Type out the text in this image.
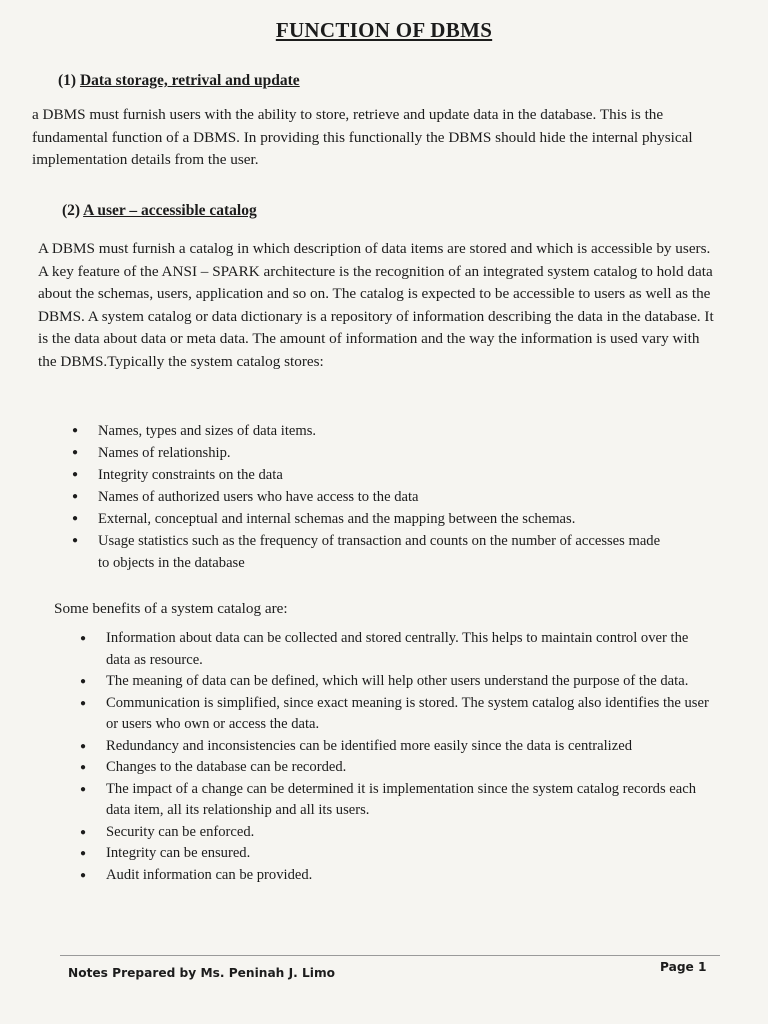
FUNCTION OF DBMS
(1) Data storage, retrival and update

a DBMS must furnish users with the ability to store, retrieve and update data in the database. This is the fundamental function of a DBMS. In providing this functionally the DBMS should hide the internal physical implementation details from the user.

(2) A user – accessible catalog

A DBMS must furnish a catalog in which description of data items are stored and which is accessible by users. A key feature of the ANSI – SPARK architecture is the recognition of an integrated system catalog to hold data about the schemas, users, application and so on. The catalog is expected to be accessible to users as well as the DBMS. A system catalog or data dictionary is a repository of information describing the data in the database. It is the data about data or meta data. The amount of information and the way the information is used vary with the DBMS.Typically the system catalog stores:

● Names, types and sizes of data items.
● Names of relationship.
● Integrity constraints on the data
● Names of authorized users who have access to the data
● External, conceptual and internal schemas and the mapping between the schemas.
● Usage statistics such as the frequency of transaction and counts on the number of accesses made to objects in the database
Some benefits of a system catalog are:
● Information about data can be collected and stored centrally. This helps to maintain control over the data as resource.
● The meaning of data can be defined, which will help other users understand the purpose of the data.
● Communication is simplified, since exact meaning is stored. The system catalog also identifies the user or users who own or access the data.
● Redundancy and inconsistencies can be identified more easily since the data is centralized
● Changes to the database can be recorded.
● The impact of a change can be determined it is implementation since the system catalog records each data item, all its relationship and all its users.
● Security can be enforced.
● Integrity can be ensured.
● Audit information can be provided.
Notes Prepared by Ms. Peninah J. Limo	Page 1
